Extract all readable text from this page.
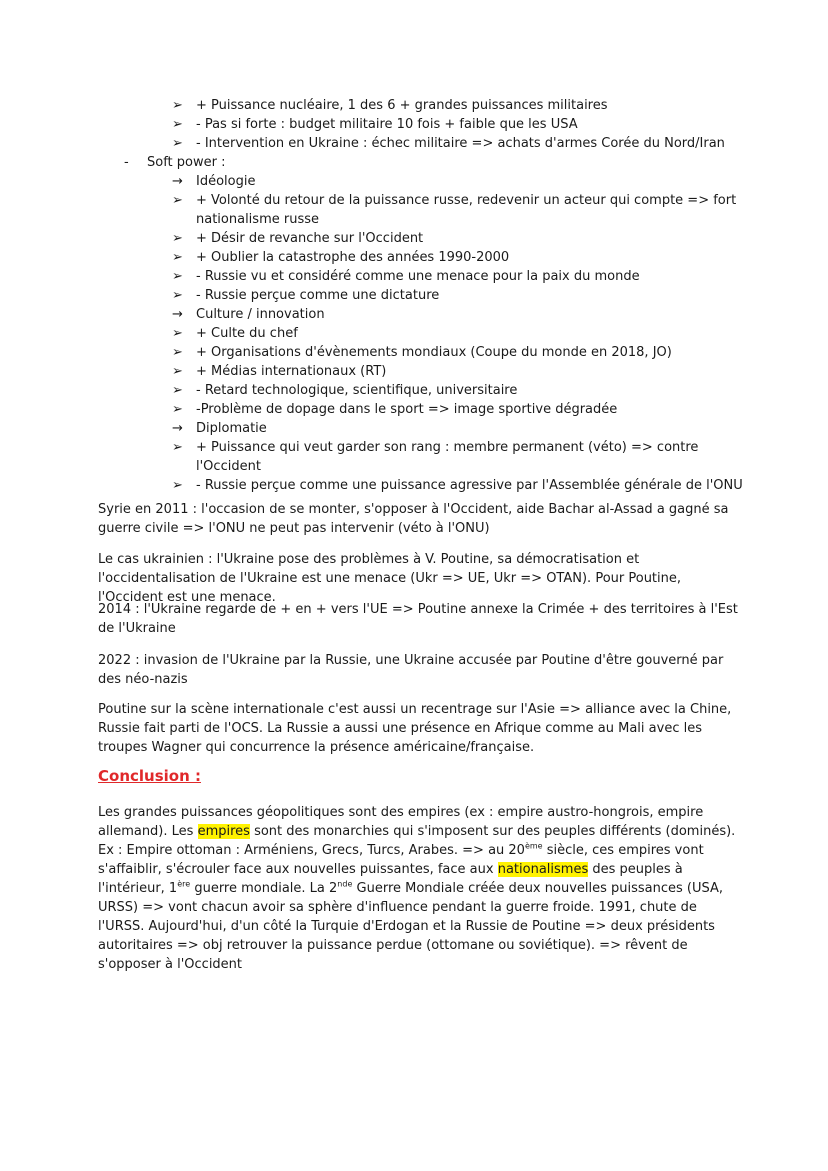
➢	+ Puissance nucléaire, 1 des 6 + grandes puissances militaires
➢	- Pas si forte : budget militaire 10 fois + faible que les USA
➢	- Intervention en Ukraine : échec militaire => achats d'armes Corée du Nord/Iran
-	Soft power :
→	Idéologie
➢	+ Volonté du retour de la puissance russe, redevenir un acteur qui compte => fort nationalisme russe
➢	+ Désir de revanche sur l'Occident
➢	+ Oublier la catastrophe des années 1990-2000
➢	- Russie vu et considéré comme une menace pour la paix du monde
➢	- Russie perçue comme une dictature
→	Culture / innovation
➢	+ Culte du chef
➢	+ Organisations d'évènements mondiaux (Coupe du monde en 2018, JO)
➢	+ Médias internationaux (RT)
➢	- Retard technologique, scientifique, universitaire
➢	-Problème de dopage dans le sport => image sportive dégradée
→	Diplomatie
➢	+ Puissance qui veut garder son rang : membre permanent (véto) => contre l'Occident
➢	- Russie perçue comme une puissance agressive par l'Assemblée générale de l'ONU

Syrie en 2011 : l'occasion de se monter, s'opposer à l'Occident, aide Bachar al-Assad a gagné sa guerre civile => l'ONU ne peut pas intervenir (véto à l'ONU)

Le cas ukrainien : l'Ukraine pose des problèmes à V. Poutine, sa démocratisation et l'occidentalisation de l'Ukraine est une menace (Ukr => UE, Ukr => OTAN). Pour Poutine, l'Occident est une menace.

2014 : l'Ukraine regarde de + en + vers l'UE => Poutine annexe la Crimée + des territoires à l'Est de l'Ukraine

2022 : invasion de l'Ukraine par la Russie, une Ukraine accusée par Poutine d'être gouverné par des néo-nazis

Poutine sur la scène internationale c'est aussi un recentrage sur l'Asie => alliance avec la Chine, Russie fait parti de l'OCS. La Russie a aussi une présence en Afrique comme au Mali avec les troupes Wagner qui concurrence la présence américaine/française.

Conclusion :

Les grandes puissances géopolitiques sont des empires (ex : empire austro-hongrois, empire allemand). Les empires sont des monarchies qui s'imposent sur des peuples différents (dominés). Ex : Empire ottoman : Arméniens, Grecs, Turcs, Arabes. => au 20ème siècle, ces empires vont s'affaiblir, s'écrouler face aux nouvelles puissantes, face aux nationalismes des peuples à l'intérieur, 1ère guerre mondiale. La 2nde Guerre Mondiale créée deux nouvelles puissances (USA, URSS) => vont chacun avoir sa sphère d'influence pendant la guerre froide. 1991, chute de l'URSS. Aujourd'hui, d'un côté la Turquie d'Erdogan et la Russie de Poutine => deux présidents autoritaires => obj retrouver la puissance perdue (ottomane ou soviétique). => rêvent de s'opposer à l'Occident
